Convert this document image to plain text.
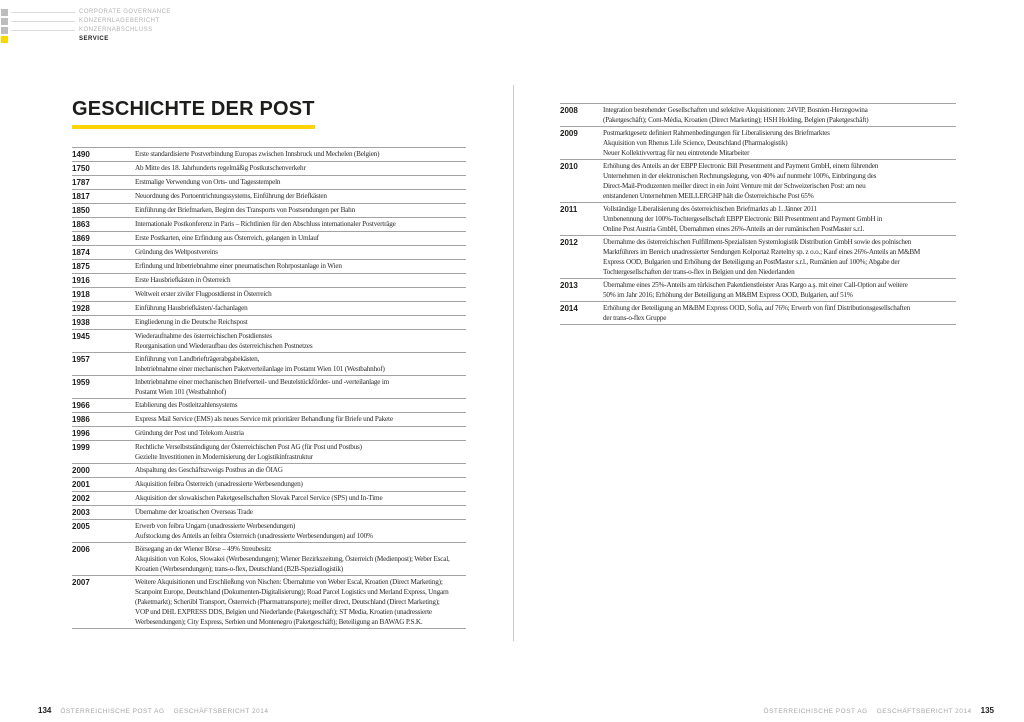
CORPORATE GOVERNANCE
KONZERNLAGEBERICHT
KONZERNABSCHLUSS
SERVICE
GESCHICHTE DER POST
1490	Erste standardisierte Postverbindung Europas zwischen Innsbruck und Mechelen (Belgien)
1750	Ab Mitte des 18. Jahrhunderts regelmäßig Postkutschenverkehr
1787	Erstmalige Verwendung von Orts- und Tagesstempeln
1817	Neuordnung des Portoentrichtungssystems, Einführung der Briefkästen
1850	Einführung der Briefmarken, Beginn des Transports von Postsendungen per Bahn
1863	Internationale Postkonferenz in Paris – Richtlinien für den Abschluss internationaler Postverträge
1869	Erste Postkarten, eine Erfindung aus Österreich, gelangen in Umlauf
1874	Gründung des Weltpostvereins
1875	Erfindung und Inbetriebnahme einer pneumatischen Rohrpostanlage in Wien
1916	Erste Hausbriefkästen in Österreich
1918	Weltweit erster ziviler Flugpostdienst in Österreich
1928	Einführung Hausbriefkästen/-fachanlagen
1938	Eingliederung in die Deutsche Reichspost
1945	Wiederaufnahme des österreichischen Postdienstes
Reorganisation und Wiederaufbau des österreichischen Postnetzes
1957	Einführung von Landbriefträgerabgabekästen,
Inbetriebnahme einer mechanischen Paketverteilanlage im Postamt Wien 101 (Westbahnhof)
1959	Inbetriebnahme einer mechanischen Briefverteil- und Beutelstückförder- und -verteilanlage im
Postamt Wien 101 (Westbahnhof)
1966	Etablierung des Postleitzahlensystems
1986	Express Mail Service (EMS) als neues Service mit prioritärer Behandlung für Briefe und Pakete
1996	Gründung der Post und Telekom Austria
1999	Rechtliche Verselbstständigung der Österreichischen Post AG (für Post und Postbus)
Gezielte Investitionen in Modernisierung der Logistikinfrastruktur
2000	Abspaltung des Geschäftszweigs Postbus an die ÖIAG
2001	Akquisition feibra Österreich (unadressierte Werbesendungen)
2002	Akquisition der slowakischen Paketgesellschaften Slovak Parcel Service (SPS) und In-Time
2003	Übernahme der kroatischen Overseas Trade
2005	Erwerb von feibra Ungarn (unadressierte Werbesendungen)
Aufstockung des Anteils an feibra Österreich (unadressierte Werbesendungen) auf 100%
2006	Börsegang an der Wiener Börse – 49% Streubesitz
Akquisition von Kolos, Slowakei (Werbesendungen); Wiener Bezirkszeitung, Österreich (Medienpost); Weber Escal,
Kroatien (Werbesendungen); trans-o-flex, Deutschland (B2B-Speziallogistik)
2007	Weitere Akquisitionen und Erschließung von Nischen: Übernahme von Weber Escal, Kroatien (Direct Marketing);
Scanpoint Europe, Deutschland (Dokumenten-Digitalisierung); Road Parcel Logistics und Merland Express, Ungarn
(Paketmarkt); Scherübl Transport, Österreich (Pharmatransporte); meiller direct, Deutschland (Direct Marketing);
VOP und DHL EXPRESS DDS, Belgien und Niederlande (Paketgeschäft); ST Media, Kroatien (unadressierte
Werbesendungen); City Express, Serbien und Montenegro (Paketgeschäft); Beteiligung an BAWAG P.S.K.
2008	Integration bestehender Gesellschaften und selektive Akquisitionen: 24VIP, Bosnien-Herzegowina
(Paketgeschäft); Cont-Média, Kroatien (Direct Marketing); HSH Holding, Belgien (Paketgeschäft)
2009	Postmarktgesetz definiert Rahmenbedingungen für Liberalisierung des Briefmarktes
Akquisition von Rhenus Life Science, Deutschland (Pharmalogistik)
Neuer Kollektivvertrag für neu eintretende Mitarbeiter
2010	Erhöhung des Anteils an der EBPP Electronic Bill Presentment and Payment GmbH, einem führenden
Unternehmen in der elektronischen Rechnungslegung, von 40% auf nunmehr 100%, Einbringung des
Direct-Mail-Produzenten meiller direct in ein Joint Venture mit der Schweizerischen Post: am neu
entstandenen Unternehmen MEILLERGHP hält die Österreichische Post 65%
2011	Vollständige Liberalisierung des österreichischen Briefmarkts ab 1. Jänner 2011
Umbenennung der 100%-Tochtergesellschaft EBPP Electronic Bill Presentment and Payment GmbH in
Online Post Austria GmbH, Übernahmen eines 26%-Anteils an der rumänischen PostMaster s.r.l.
2012	Übernahme des österreichischen Fulfillment-Spezialisten Systemlogistik Distribution GmbH sowie des polnischen
Marktführers im Bereich unadressierter Sendungen Kolportaż Rzetelny sp. z o.o.; Kauf eines 26%-Anteils an M&BM
Express OOD, Bulgarien und Erhöhung der Beteiligung an PostMaster s.r.l., Rumänien auf 100%; Abgabe der
Tochtergesellschaften der trans-o-flex in Belgien und den Niederlanden
2013	Übernahme eines 25%-Anteils am türkischen Paketdienstleister Aras Kargo a.ş. mit einer Call-Option auf weitere
50% im Jahr 2016; Erhöhung der Beteiligung an M&BM Express OOD, Bulgarien, auf 51%
2014	Erhöhung der Beteiligung an M&BM Express OOD, Sofia, auf 76%; Erwerb von fünf Distributionsgesellschaften
der trans-o-flex Gruppe
134 ÖSTERREICHISCHE POST AG GESCHÄFTSBERICHT 2014	ÖSTERREICHISCHE POST AG GESCHÄFTSBERICHT 2014 135
